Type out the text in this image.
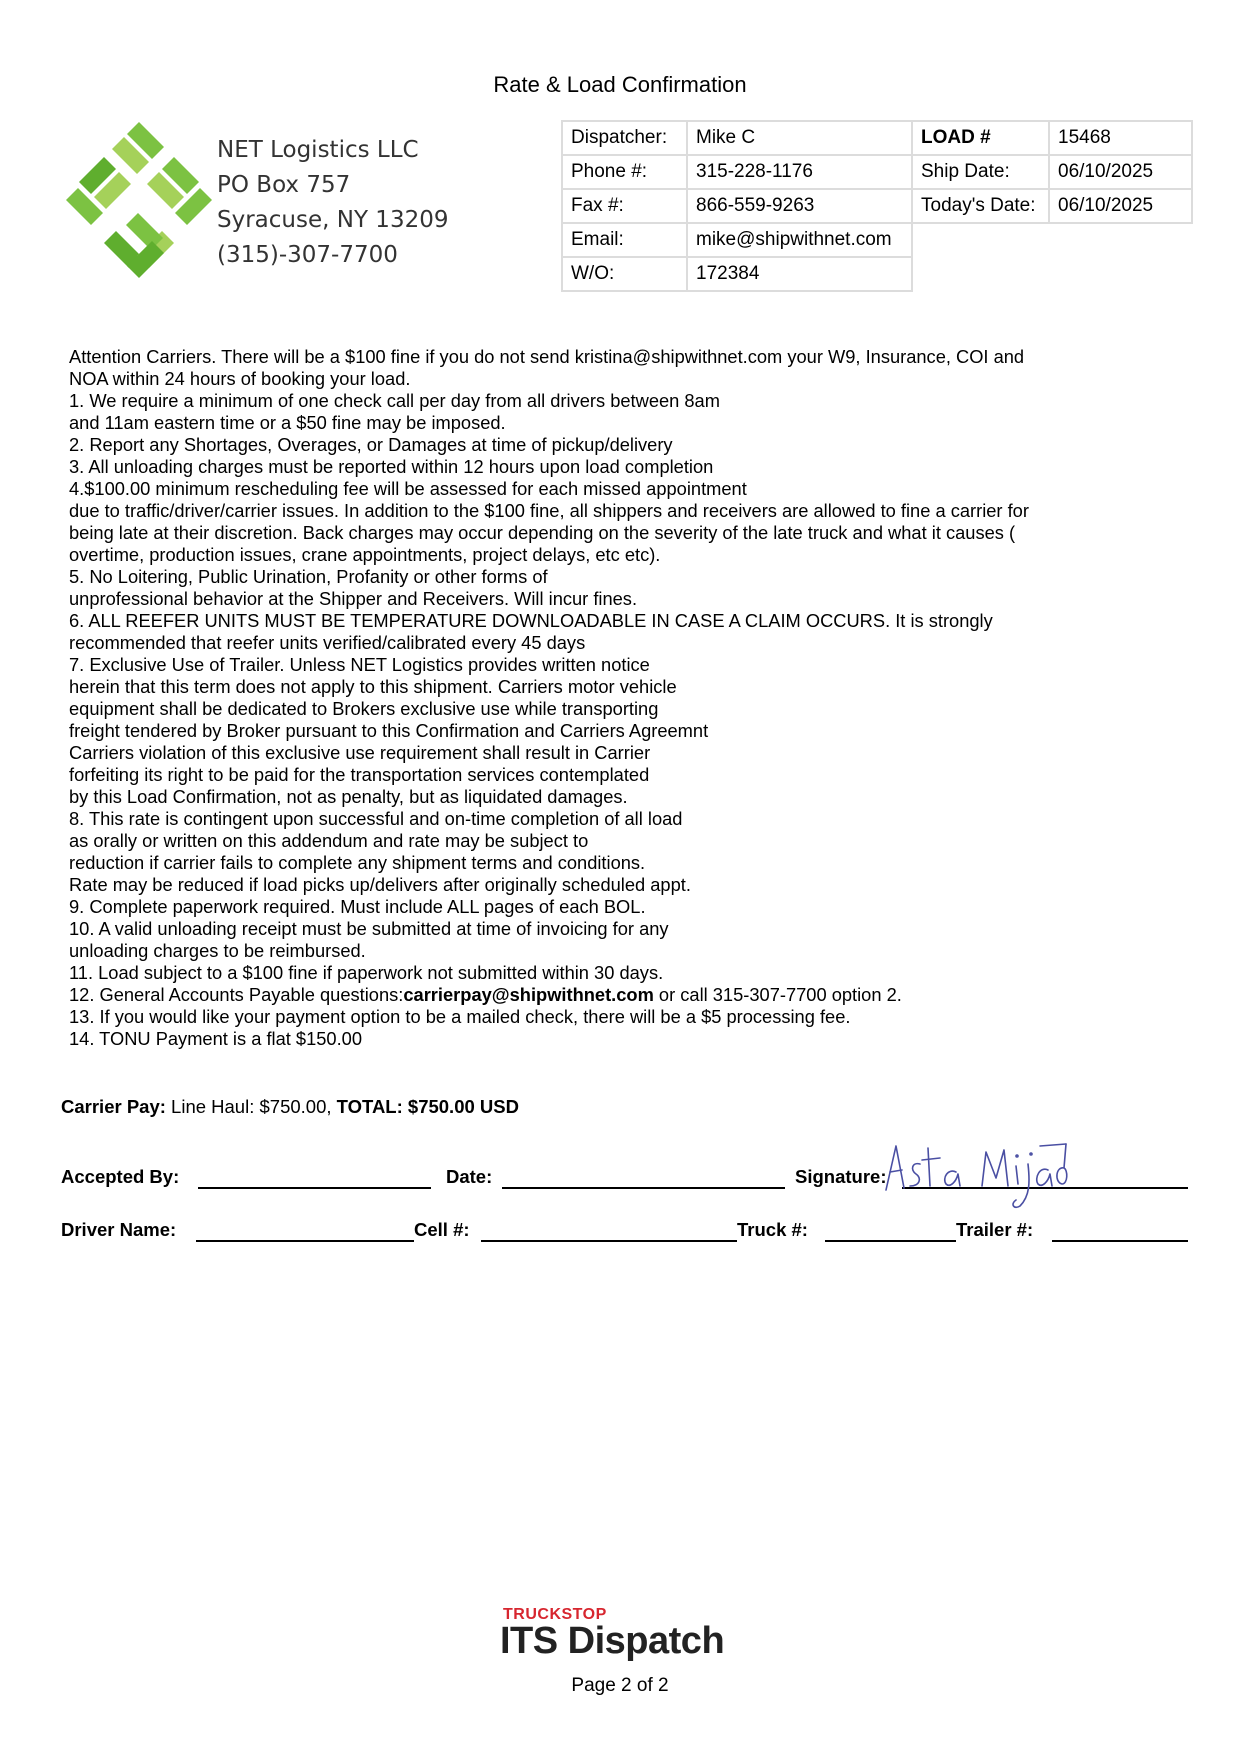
Rate & Load Confirmation
NET Logistics LLC
PO Box 757
Syracuse, NY 13209
(315)-307-7700
Dispatcher:	Mike C	LOAD #	15468
Phone #:	315-228-1176	Ship Date:	06/10/2025
Fax #:	866-559-9263	Today's Date:	06/10/2025
Email:	mike@shipwithnet.com		
W/O:	172384		
Attention Carriers. There will be a $100 fine if you do not send kristina@shipwithnet.com your W9, Insurance, COI and
NOA within 24 hours of booking your load.
1. We require a minimum of one check call per day from all drivers between 8am
and 11am eastern time or a $50 fine may be imposed.
2. Report any Shortages, Overages, or Damages at time of pickup/delivery
3. All unloading charges must be reported within 12 hours upon load completion
4.$100.00 minimum rescheduling fee will be assessed for each missed appointment
due to traffic/driver/carrier issues. In addition to the $100 fine, all shippers and receivers are allowed to fine a carrier for
being late at their discretion. Back charges may occur depending on the severity of the late truck and what it causes (
overtime, production issues, crane appointments, project delays, etc etc).
5. No Loitering, Public Urination, Profanity or other forms of
unprofessional behavior at the Shipper and Receivers. Will incur fines.
6. ALL REEFER UNITS MUST BE TEMPERATURE DOWNLOADABLE IN CASE A CLAIM OCCURS. It is strongly
recommended that reefer units verified/calibrated every 45 days
7. Exclusive Use of Trailer. Unless NET Logistics provides written notice
herein that this term does not apply to this shipment. Carriers motor vehicle
equipment shall be dedicated to Brokers exclusive use while transporting
freight tendered by Broker pursuant to this Confirmation and Carriers Agreemnt
Carriers violation of this exclusive use requirement shall result in Carrier
forfeiting its right to be paid for the transportation services contemplated
by this Load Confirmation, not as penalty, but as liquidated damages.
8. This rate is contingent upon successful and on-time completion of all load
as orally or written on this addendum and rate may be subject to
reduction if carrier fails to complete any shipment terms and conditions.
Rate may be reduced if load picks up/delivers after originally scheduled appt.
9. Complete paperwork required. Must include ALL pages of each BOL.
10. A valid unloading receipt must be submitted at time of invoicing for any
unloading charges to be reimbursed.
11. Load subject to a $100 fine if paperwork not submitted within 30 days.
12. General Accounts Payable questions:carrierpay@shipwithnet.com or call 315-307-7700 option 2.
13. If you would like your payment option to be a mailed check, there will be a $5 processing fee.
14. TONU Payment is a flat $150.00
Carrier Pay: Line Haul: $750.00, TOTAL: $750.00 USD
Accepted By:	Date:	Signature:
Driver Name:	Cell #:	Truck #:	Trailer #:
TRUCKSTOP
ITS Dispatch
Page 2 of 2
